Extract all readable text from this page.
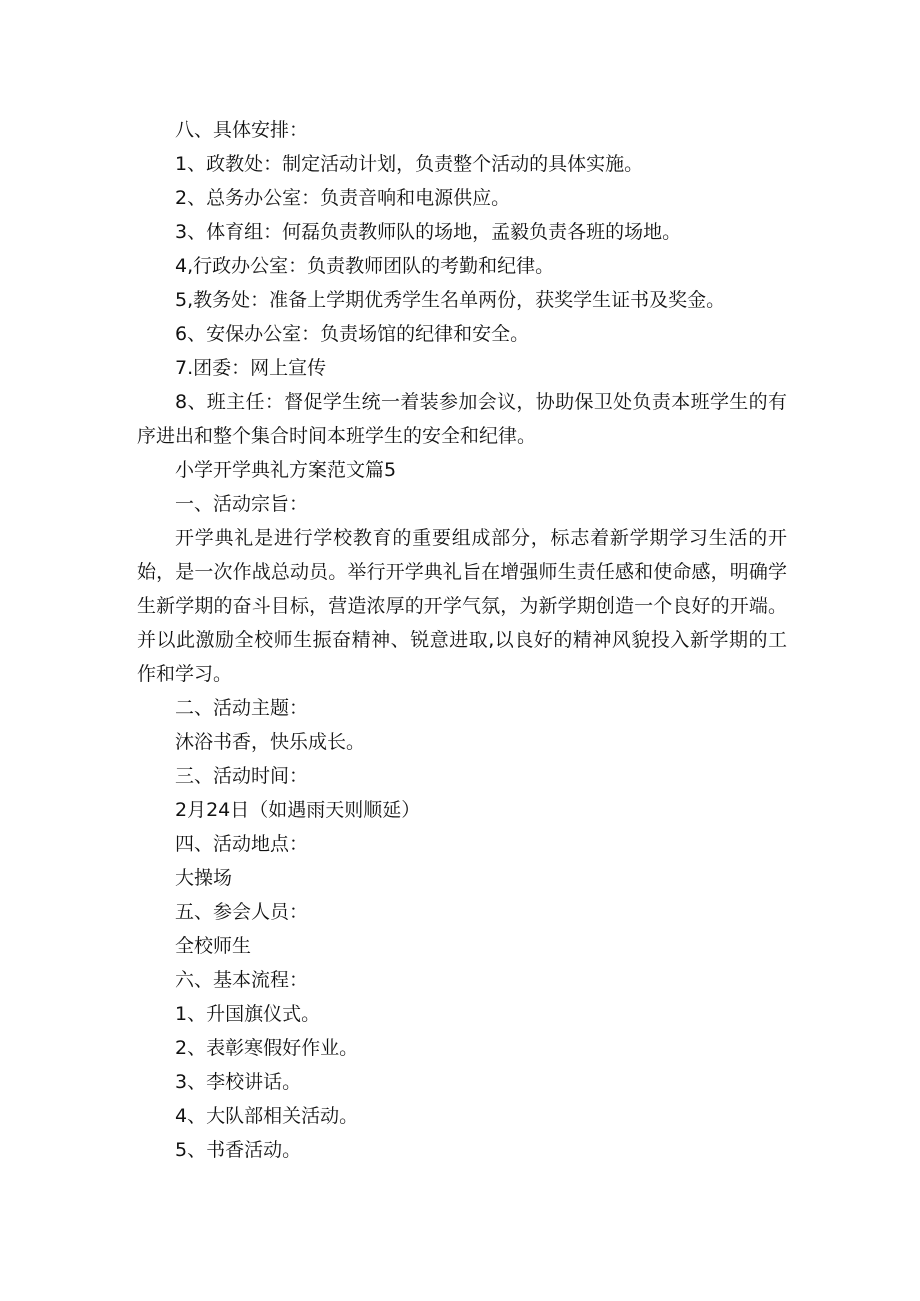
八、具体安排：
1、政教处：制定活动计划，负责整个活动的具体实施。
2、总务办公室：负责音响和电源供应。
3、体育组：何磊负责教师队的场地，孟毅负责各班的场地。
4,行政办公室：负责教师团队的考勤和纪律。
5,教务处：准备上学期优秀学生名单两份，获奖学生证书及奖金。
6、安保办公室：负责场馆的纪律和安全。
7.团委：网上宣传
8、班主任：督促学生统一着装参加会议，协助保卫处负责本班学生的有序进出和整个集合时间本班学生的安全和纪律。
小学开学典礼方案范文篇5
一、活动宗旨：
开学典礼是进行学校教育的重要组成部分，标志着新学期学习生活的开始，是一次作战总动员。举行开学典礼旨在增强师生责任感和使命感，明确学生新学期的奋斗目标，营造浓厚的开学气氛，为新学期创造一个良好的开端。并以此激励全校师生振奋精神、锐意进取,以良好的精神风貌投入新学期的工作和学习。
二、活动主题：
沐浴书香，快乐成长。
三、活动时间：
2月24日（如遇雨天则顺延）
四、活动地点：
大操场
五、参会人员：
全校师生
六、基本流程：
1、升国旗仪式。
2、表彰寒假好作业。
3、李校讲话。
4、大队部相关活动。
5、书香活动。
